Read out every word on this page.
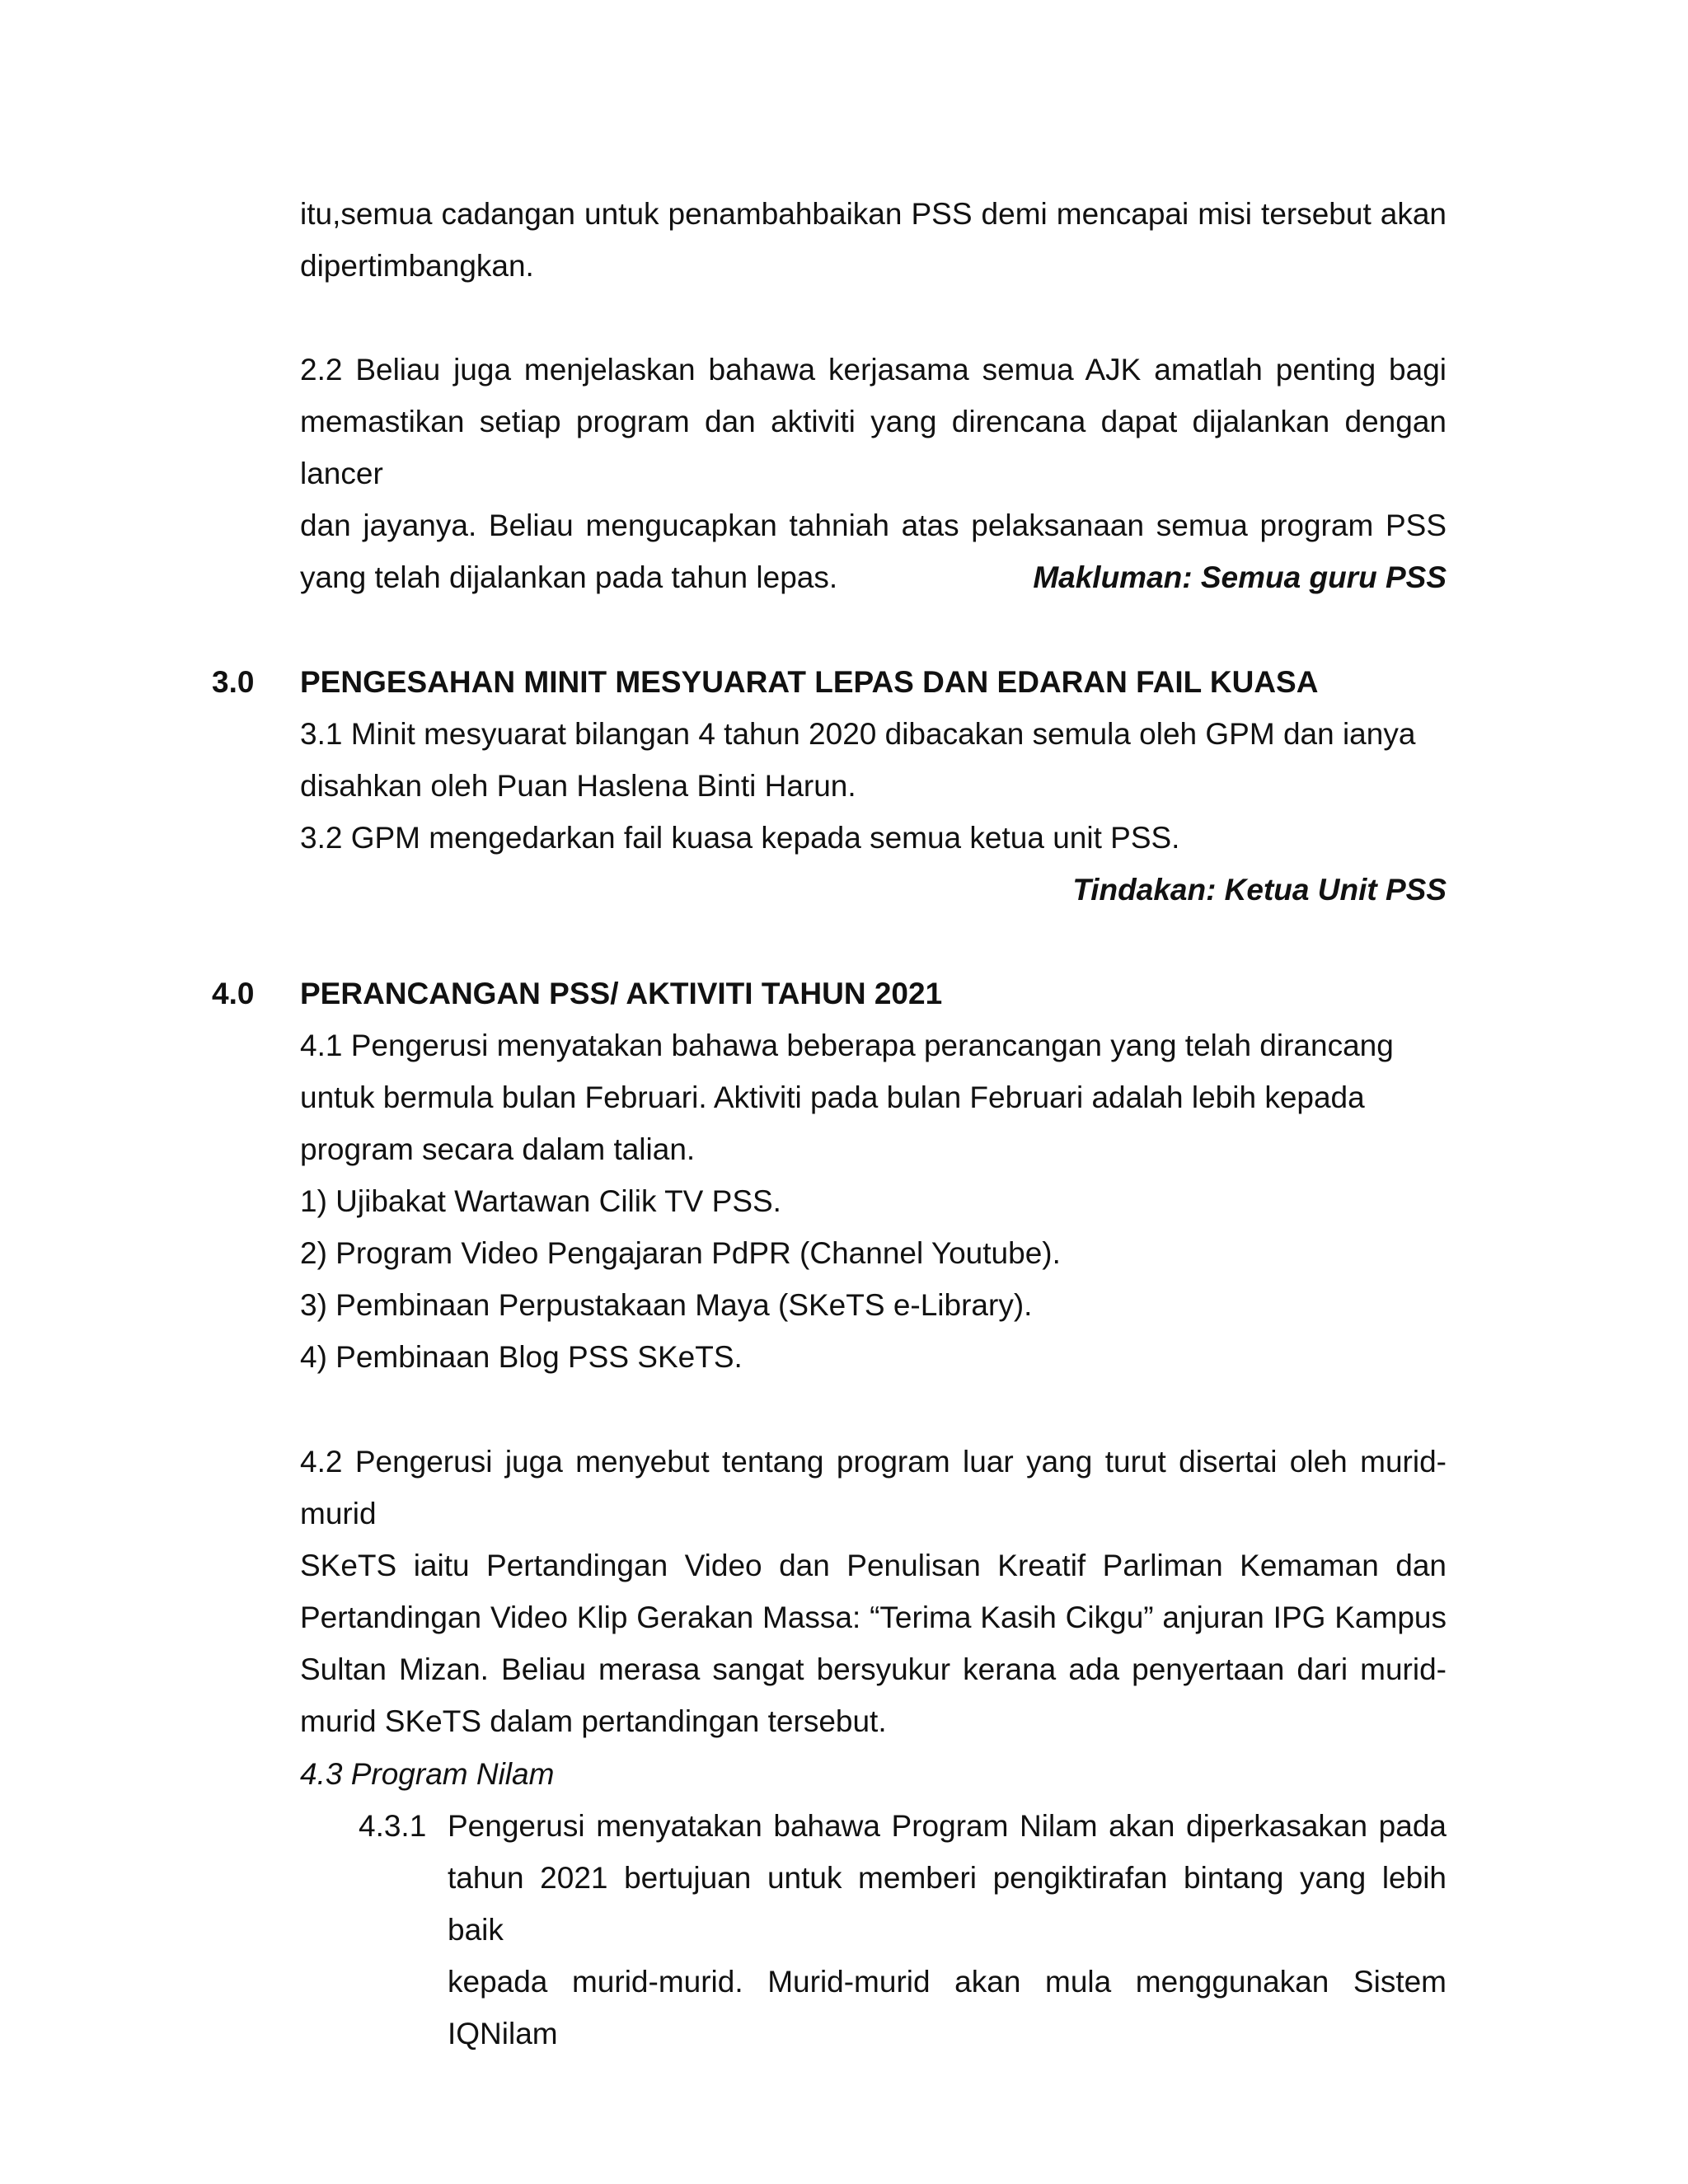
itu,semua cadangan untuk penambahbaikan PSS demi mencapai misi tersebut akan
dipertimbangkan.
2.2 Beliau juga menjelaskan bahawa kerjasama semua AJK amatlah penting bagi
memastikan setiap program dan aktiviti yang direncana dapat dijalankan dengan lancer
dan jayanya. Beliau mengucapkan tahniah atas pelaksanaan semua program PSS
yang telah dijalankan pada tahun lepas.	Makluman: Semua guru PSS
3.0 PENGESAHAN MINIT MESYUARAT LEPAS DAN EDARAN FAIL KUASA
3.1 Minit mesyuarat bilangan 4 tahun 2020 dibacakan semula oleh GPM dan ianya
disahkan oleh Puan Haslena Binti Harun.
3.2 GPM mengedarkan fail kuasa kepada semua ketua unit PSS.
Tindakan: Ketua Unit PSS
4.0 PERANCANGAN PSS/ AKTIVITI TAHUN 2021
4.1 Pengerusi menyatakan bahawa beberapa perancangan yang telah dirancang
untuk bermula bulan Februari. Aktiviti pada bulan Februari adalah lebih kepada
program secara dalam talian.
1) Ujibakat Wartawan Cilik TV PSS.
2) Program Video Pengajaran PdPR (Channel Youtube).
3) Pembinaan Perpustakaan Maya (SKeTS e-Library).
4) Pembinaan Blog PSS SKeTS.
4.2 Pengerusi juga menyebut tentang program luar yang turut disertai oleh murid-murid
SKeTS iaitu Pertandingan Video dan Penulisan Kreatif Parliman Kemaman dan
Pertandingan Video Klip Gerakan Massa: “Terima Kasih Cikgu” anjuran IPG Kampus
Sultan Mizan. Beliau merasa sangat bersyukur kerana ada penyertaan dari murid-
murid SKeTS dalam pertandingan tersebut.
4.3 Program Nilam
4.3.1 Pengerusi menyatakan bahawa Program Nilam akan diperkasakan pada
tahun 2021 bertujuan untuk memberi pengiktirafan bintang yang lebih baik
kepada murid-murid. Murid-murid akan mula menggunakan Sistem IQNilam
